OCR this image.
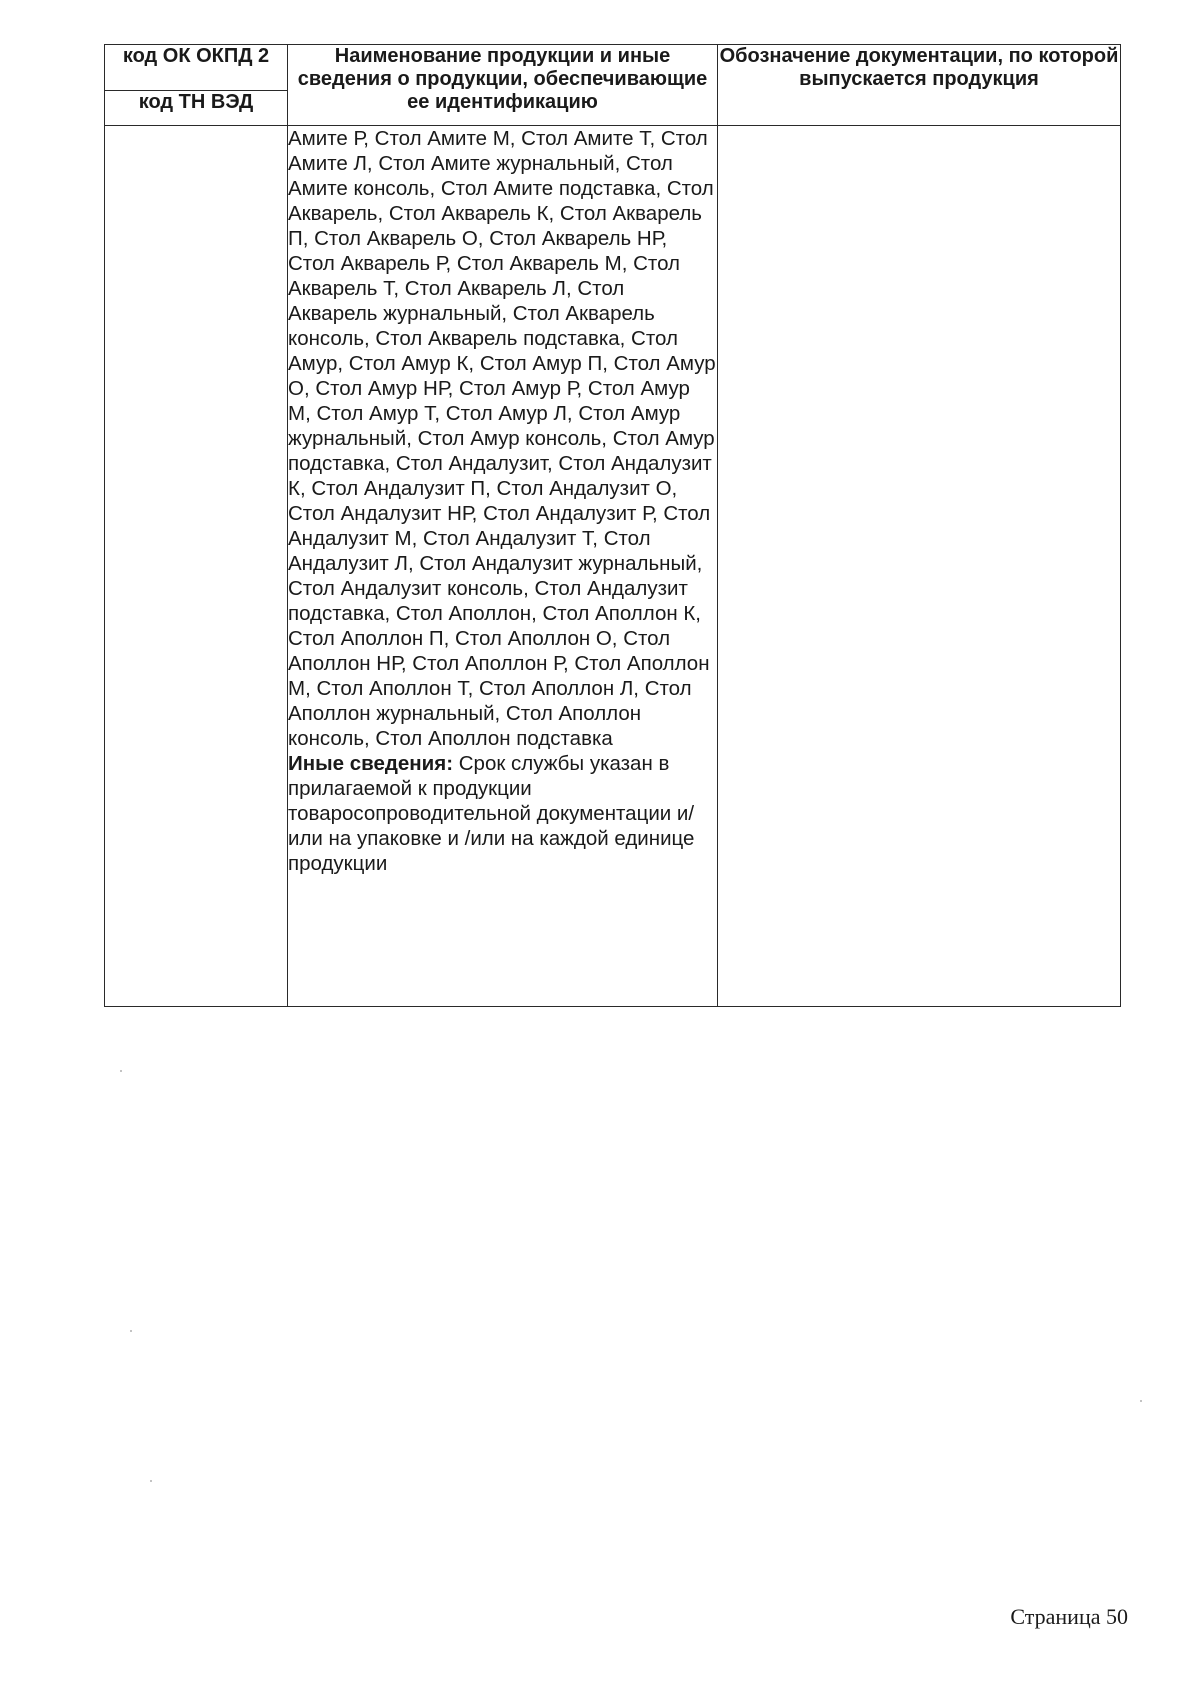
код ОК ОКПД 2	Наименование продукции и иные сведения о продукции, обеспечивающие ее идентификацию	Обозначение документации, по которой выпускается продукция
код ТН ВЭД		
	Амите Р, Стол Амите М, Стол Амите Т, Стол Амите Л, Стол Амите журнальный, Стол Амите консоль, Стол Амите подставка, Стол Акварель, Стол Акварель К, Стол Акварель П, Стол Акварель О, Стол Акварель НР, Стол Акварель Р, Стол Акварель М, Стол Акварель Т, Стол Акварель Л, Стол Акварель журнальный, Стол Акварель консоль, Стол Акварель подставка, Стол Амур, Стол Амур К, Стол Амур П, Стол Амур О, Стол Амур НР, Стол Амур Р, Стол Амур М, Стол Амур Т, Стол Амур Л, Стол Амур журнальный, Стол Амур консоль, Стол Амур подставка, Стол Андалузит, Стол Андалузит К, Стол Андалузит П, Стол Андалузит О, Стол Андалузит НР, Стол Андалузит Р, Стол Андалузит М, Стол Андалузит Т, Стол Андалузит Л, Стол Андалузит журнальный, Стол Андалузит консоль, Стол Андалузит подставка, Стол Аполлон, Стол Аполлон К, Стол Аполлон П, Стол Аполлон О, Стол Аполлон НР, Стол Аполлон Р, Стол Аполлон М, Стол Аполлон Т, Стол Аполлон Л, Стол Аполлон журнальный, Стол Аполлон консоль, Стол Аполлон подставка
Иные сведения: Срок службы указан в прилагаемой к продукции товаросопроводительной документации и/или на упаковке и /или на каждой единице продукции	
Страница 50
